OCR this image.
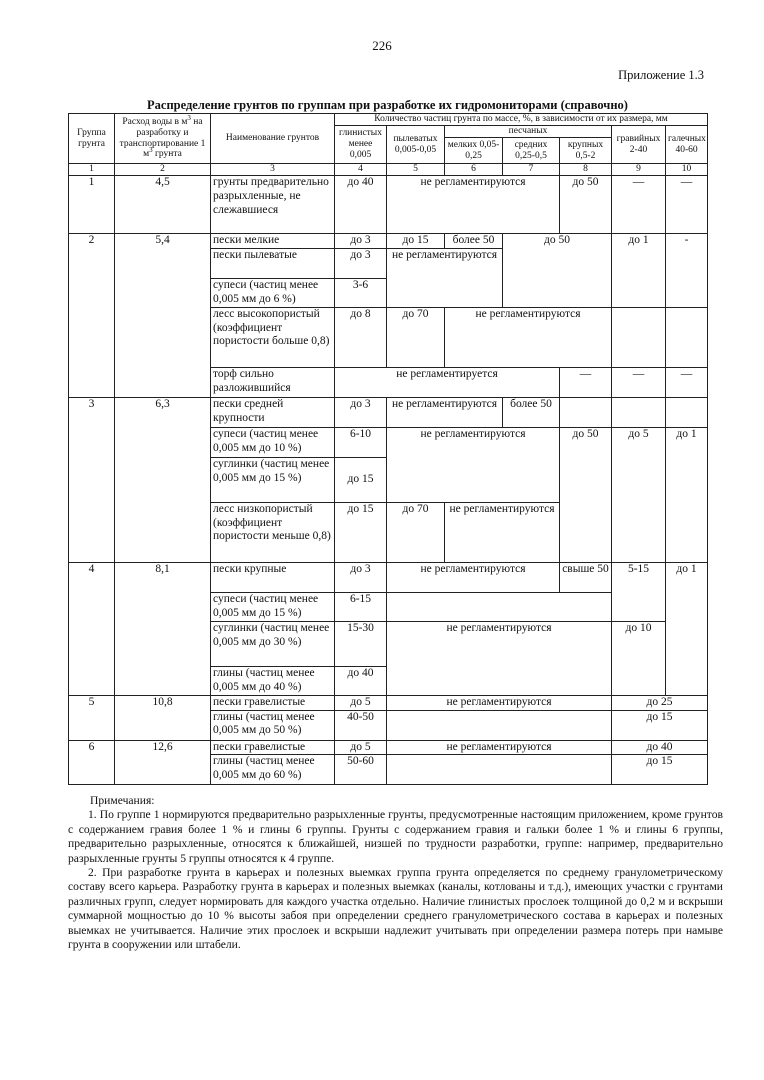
226
Приложение 1.3
Распределение грунтов по группам при разработке их гидромониторами (справочно)
Группа грунта	Расход воды в $м^3$ на разработку и транспортирование 1 $м^3$ грунта	Наименование грунтов	Количество частиц грунта по массе, %, в зависимости от их размера, мм						
			глинистых менее 0,005	пылеватых 0,005-0,05	песчаных			гравийных 2-40	галечных 40-60
					мелких 0,05-0,25	средних 0,25-0,5	крупных 0,5-2		
1	2	3	4	5	6	7	8	9	10
1	4,5	грунты предварительно разрыхленные, не слежавшиеся	до 40	не регламентируются			до 50	—	—
2	5,4	пески мелкие	до 3	до 15	более 50	до 50		до 1	-
		пески пылеватые	до 3	не регламентируются					
		супеси (частиц менее 0,005 мм до 6 %)	3-6						
		лесс высокопористый (коэффициент пористости больше 0,8)	до 8	до 70	не регламентируются				
		торф сильно разложившийся	не регламентируется				—	—	—
3	6,3	пески средней крупности	до 3	не регламентируются		более 50			
		супеси (частиц менее 0,005 мм до 10 %)	6-10	не регламентируются			до 50	до 5	до 1
		суглинки (частиц менее 0,005 мм до 15 %)	до 15						
		лесс низкопористый (коэффициент пористости меньше 0,8)	до 15	до 70	не регламентируются				
4	8,1	пески крупные	до 3	не регламентируются			свыше 50	5-15	до 1
		супеси (частиц менее 0,005 мм до 15 %)	6-15						
		суглинки (частиц менее 0,005 мм до 30 %)	15-30	не регламентируются				до 10	
		глины (частиц менее 0,005 мм до 40 %)	до 40						
5	10,8	пески гравелистые	до 5	не регламентируются				до 25	
		глины (частиц менее 0,005 мм до 50 %)	40-50					до 15	
6	12,6	пески гравелистые	до 5	не регламентируются				до 40	
		глины (частиц менее 0,005 мм до 60 %)	50-60					до 15	

Примечания:

1. По группе 1 нормируются предварительно разрыхленные грунты, предусмотренные настоящим приложением, кроме грунтов с содержанием гравия более 1 % и глины 6 группы. Грунты с содержанием гравия и гальки более 1 % и глины 6 группы, предварительно разрыхленные, относятся к ближайшей, низшей по трудности разработки, группе: например, предварительно разрыхленные грунты 5 группы относятся к 4 группе.

2. При разработке грунта в карьерах и полезных выемках группа грунта определяется по среднему гранулометрическому составу всего карьера. Разработку грунта в карьерах и полезных выемках (каналы, котлованы и т.д.), имеющих участки с грунтами различных групп, следует нормировать для каждого участка отдельно. Наличие глинистых прослоек толщиной до 0,2 м и вскрыши суммарной мощностью до 10 % высоты забоя при определении среднего гранулометрического состава в карьерах и полезных выемках не учитывается. Наличие этих прослоек и вскрыши надлежит учитывать при определении размера потерь при намыве грунта в сооружении или штабели.
